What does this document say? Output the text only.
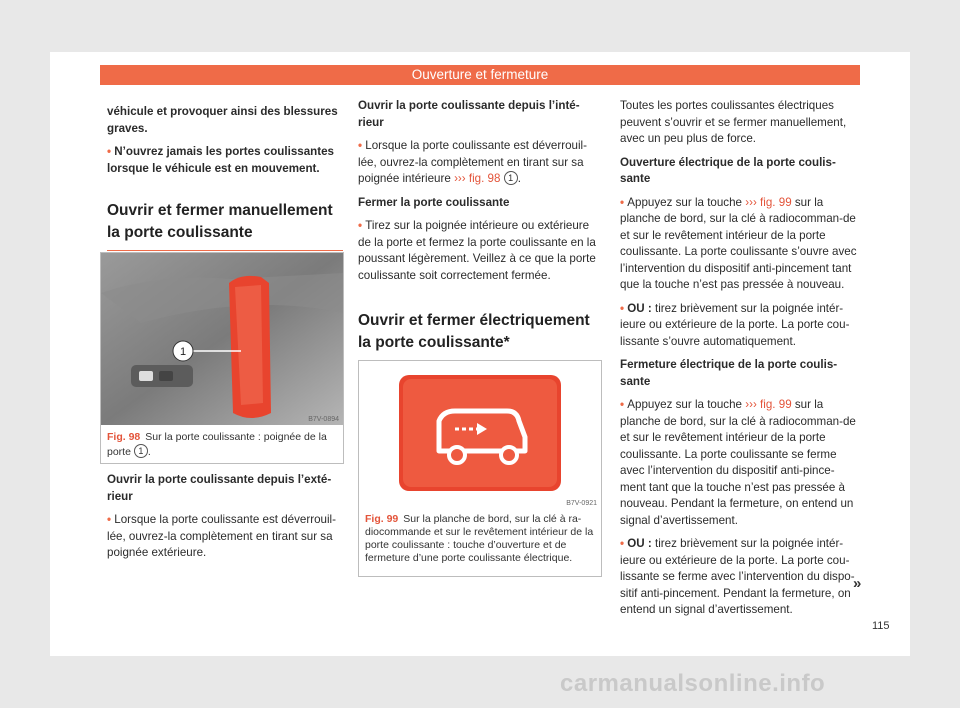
Ouverture et fermeture

véhicule et provoquer ainsi des blessures graves.

• N’ouvrez jamais les portes coulissantes lorsque le véhicule est en mouvement.

Ouvrir et fermer manuellement la porte coulissante

1
B7V-0894
Fig. 98 Sur la porte coulissante : poignée de la porte 1 .

Ouvrir la porte coulissante depuis l’exté-rieur

• Lorsque la porte coulissante est déverrouil-lée, ouvrez-la complètement en tirant sur sa poignée extérieure.

Ouvrir la porte coulissante depuis l’inté-rieur

• Lorsque la porte coulissante est déverrouil-lée, ouvrez-la complètement en tirant sur sa poignée intérieure ››› fig. 98 1 .

Fermer la porte coulissante

• Tirez sur la poignée intérieure ou extérieure de la porte et fermez la porte coulissante en la poussant légèrement. Veillez à ce que la porte coulissante soit correctement fermée.

Ouvrir et fermer électriquement la porte coulissante*

B7V-0921
Fig. 99 Sur la planche de bord, sur la clé à ra-diocommande et sur le revêtement intérieur de la porte coulissante : touche d’ouverture et de fermeture d’une porte coulissante électrique.

Toutes les portes coulissantes électriques peuvent s’ouvrir et se fermer manuellement, avec un peu plus de force.

Ouverture électrique de la porte coulis-sante

• Appuyez sur la touche ››› fig. 99 sur la planche de bord, sur la clé à radiocomman-de et sur le revêtement intérieur de la porte coulissante. La porte coulissante s’ouvre avec l’intervention du dispositif anti-pincement tant que la touche n’est pas pressée à nouveau.

• OU : tirez brièvement sur la poignée intér-ieure ou extérieure de la porte. La porte cou-lissante s’ouvre automatiquement.

Fermeture électrique de la porte coulis-sante

• Appuyez sur la touche ››› fig. 99 sur la planche de bord, sur la clé à radiocomman-de et sur le revêtement intérieur de la porte coulissante. La porte coulissante se ferme avec l’intervention du dispositif anti-pince-ment tant que la touche n’est pas pressée à nouveau. Pendant la fermeture, on entend un signal d’avertissement.

• OU : tirez brièvement sur la poignée intér-ieure ou extérieure de la porte. La porte cou-lissante se ferme avec l’intervention du dispo-sitif anti-pincement. Pendant la fermeture, on entend un signal d’avertissement.

»
115
carmanualsonline.info
